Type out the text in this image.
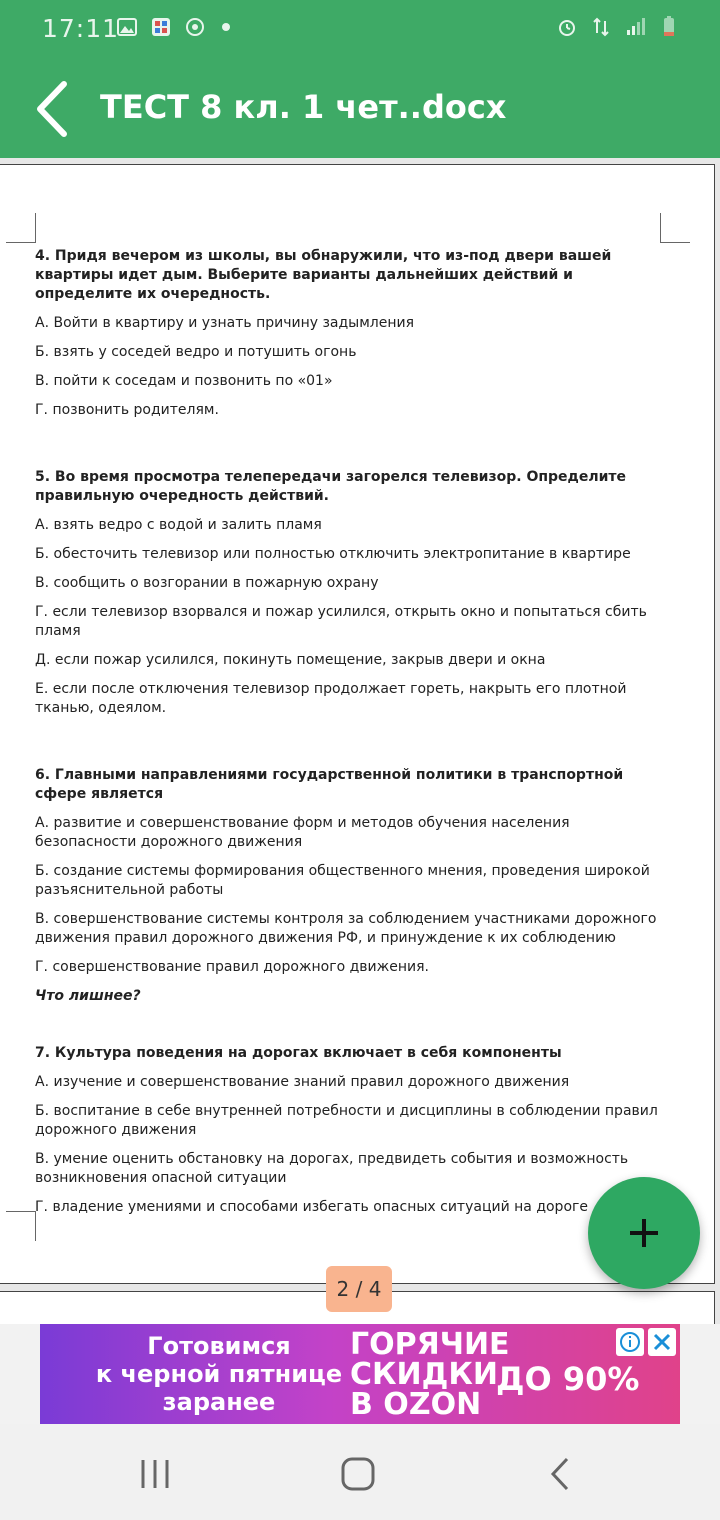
17:11
ТЕСТ 8 кл. 1 чет..docx
4. Придя вечером из школы, вы обнаружили, что из-под двери вашей квартиры идет дым. Выберите варианты дальнейших действий и определите их очередность.
А. Войти в квартиру и узнать причину задымления
Б. взять у соседей ведро и потушить огонь
В. пойти к соседам и позвонить по «01»
Г. позвонить родителям.
5. Во время просмотра телепередачи загорелся телевизор. Определите правильную очередность действий.
А. взять ведро с водой и залить пламя
Б. обесточить телевизор или полностью отключить электропитание в квартире
В. сообщить о возгорании в пожарную охрану
Г. если телевизор взорвался и пожар усилился, открыть окно и попытаться сбить пламя
Д. если пожар усилился, покинуть помещение, закрыв двери и окна
Е. если после отключения телевизор продолжает гореть, накрыть его плотной тканью, одеялом.
6. Главными направлениями государственной политики в транспортной сфере является
А. развитие и совершенствование форм и методов обучения населения безопасности дорожного движения
Б. создание системы формирования общественного мнения, проведения широкой разъяснительной работы
В. совершенствование системы контроля за соблюдением участниками дорожного движения правил дорожного движения РФ, и принуждение к их соблюдению
Г. совершенствование правил дорожного движения.
Что лишнее?
7. Культура поведения на дорогах включает в себя компоненты
А. изучение и совершенствование знаний правил дорожного движения
Б. воспитание в себе внутренней потребности и дисциплины в соблюдении правил дорожного движения
В. умение оценить обстановку на дорогах, предвидеть события и возможность возникновения опасной ситуации
Г. владение умениями и способами избегать опасных ситуаций на дороге
2 / 4
Готовимся
к черной пятнице
заранее
ГОРЯЧИЕ
СКИДКИ
В OZON
ДО 90%
